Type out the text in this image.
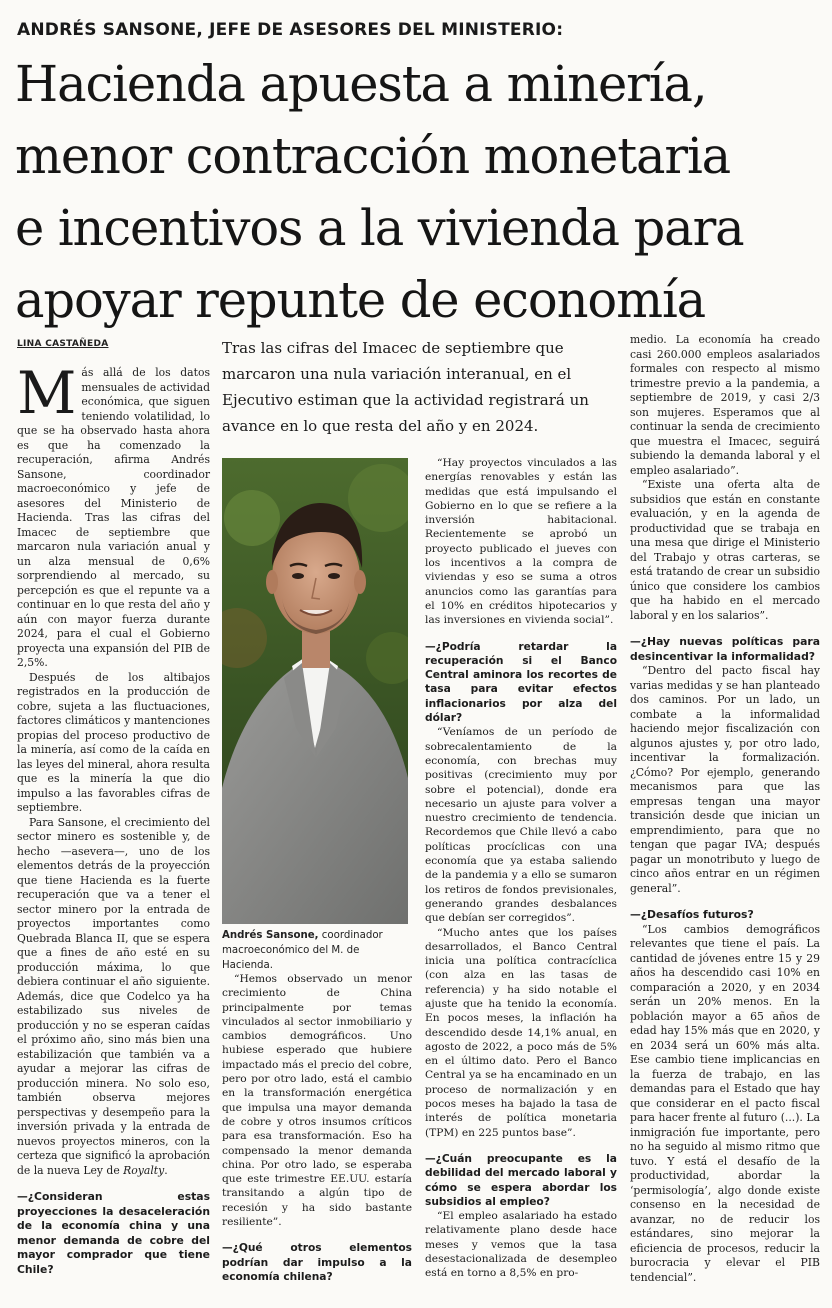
ANDRÉS SANSONE, JEFE DE ASESORES DEL MINISTERIO:
Hacienda apuesta a minería,
menor contracción monetaria
e incentivos a la vivienda para
apoyar repunte de economía
LINA CASTAÑEDA	Tras las cifras del Imacec de septiembre que marcaron una nula variación interanual, en el Ejecutivo estiman que la actividad registrará un avance en lo que resta del año y en 2024.

Más allá de los datos mensuales de actividad económica, que siguen teniendo volatilidad, lo que se ha observado hasta ahora es que ha comenzado la recuperación, afirma Andrés Sansone, coordinador macroeconómico y jefe de asesores del Ministerio de Hacienda. Tras las cifras del Imacec de septiembre que marcaron nula variación anual y un alza mensual de 0,6% sorprendiendo al mercado, su percepción es que el repunte va a continuar en lo que resta del año y aún con mayor fuerza durante 2024, para el cual el Gobierno proyecta una expansión del PIB de 2,5%.

Después de los altibajos registrados en la producción de cobre, sujeta a las fluctuaciones, factores climáticos y mantenciones propias del proceso productivo de la minería, así como de la caída en las leyes del mineral, ahora resulta que es la minería la que dio impulso a las favorables cifras de septiembre.

Para Sansone, el crecimiento del sector minero es sostenible y, de hecho —asevera—, uno de los elementos detrás de la proyección que tiene Hacienda es la fuerte recuperación que va a tener el sector minero por la entrada de proyectos importantes como Quebrada Blanca II, que se espera que a fines de año esté en su producción máxima, lo que debiera continuar el año siguiente. Además, dice que Codelco ya ha estabilizado sus niveles de producción y no se esperan caídas el próximo año, sino más bien una estabilización que también va a ayudar a mejorar las cifras de producción minera. No solo eso, también observa mejores perspectivas y desempeño para la inversión privada y la entrada de nuevos proyectos mineros, con la certeza que significó la aprobación de la nueva Ley de Royalty.

—¿Consideran estas proyecciones la desaceleración de la economía china y una menor demanda de cobre del mayor comprador que tiene Chile?

Andrés Sansone, coordinador macroeconómico del M. de Hacienda.

“Hemos observado un menor crecimiento de China principalmente por temas vinculados al sector inmobiliario y cambios demográficos. Uno hubiese esperado que hubiere impactado más el precio del cobre, pero por otro lado, está el cambio en la transformación energética que impulsa una mayor demanda de cobre y otros insumos críticos para esa transformación. Eso ha compensado la menor demanda china. Por otro lado, se esperaba que este trimestre EE.UU. estaría transitando a algún tipo de recesión y ha sido bastante resiliente”.

—¿Qué otros elementos podrían dar impulso a la economía chilena?

“Hay proyectos vinculados a las energías renovables y están las medidas que está impulsando el Gobierno en lo que se refiere a la inversión habitacional. Recientemente se aprobó un proyecto publicado el jueves con los incentivos a la compra de viviendas y eso se suma a otros anuncios como las garantías para el 10% en créditos hipotecarios y las inversiones en vivienda social”.

—¿Podría retardar la recuperación si el Banco Central aminora los recortes de tasa para evitar efectos inflacionarios por alza del dólar?

“Veníamos de un período de sobrecalentamiento de la economía, con brechas muy positivas (crecimiento muy por sobre el potencial), donde era necesario un ajuste para volver a nuestro crecimiento de tendencia. Recordemos que Chile llevó a cabo políticas procíclicas con una economía que ya estaba saliendo de la pandemia y a ello se sumaron los retiros de fondos previsionales, generando grandes desbalances que debían ser corregidos”.

“Mucho antes que los países desarrollados, el Banco Central inicia una política contracíclica (con alza en las tasas de referencia) y ha sido notable el ajuste que ha tenido la economía. En pocos meses, la inflación ha descendido desde 14,1% anual, en agosto de 2022, a poco más de 5% en el último dato. Pero el Banco Central ya se ha encaminado en un proceso de normalización y en pocos meses ha bajado la tasa de interés de política monetaria (TPM) en 225 puntos base”.

—¿Cuán preocupante es la debilidad del mercado laboral y cómo se espera abordar los subsidios al empleo?

“El empleo asalariado ha estado relativamente plano desde hace meses y vemos que la tasa desestacionalizada de desempleo está en torno a 8,5% en pro-

medio. La economía ha creado casi 260.000 empleos asalariados formales con respecto al mismo trimestre previo a la pandemia, a septiembre de 2019, y casi 2/3 son mujeres. Esperamos que al continuar la senda de crecimiento que muestra el Imacec, seguirá subiendo la demanda laboral y el empleo asalariado”.

“Existe una oferta alta de subsidios que están en constante evaluación, y en la agenda de productividad que se trabaja en una mesa que dirige el Ministerio del Trabajo y otras carteras, se está tratando de crear un subsidio único que considere los cambios que ha habido en el mercado laboral y en los salarios”.

—¿Hay nuevas políticas para desincentivar la informalidad?

“Dentro del pacto fiscal hay varias medidas y se han planteado dos caminos. Por un lado, un combate a la informalidad haciendo mejor fiscalización con algunos ajustes y, por otro lado, incentivar la formalización. ¿Cómo? Por ejemplo, generando mecanismos para que las empresas tengan una mayor transición desde que inician un emprendimiento, para que no tengan que pagar IVA; después pagar un monotributo y luego de cinco años entrar en un régimen general”.

—¿Desafíos futuros?

“Los cambios demográficos relevantes que tiene el país. La cantidad de jóvenes entre 15 y 29 años ha descendido casi 10% en comparación a 2020, y en 2034 serán un 20% menos. En la población mayor a 65 años de edad hay 15% más que en 2020, y en 2034 será un 60% más alta. Ese cambio tiene implicancias en la fuerza de trabajo, en las demandas para el Estado que hay que considerar en el pacto fiscal para hacer frente al futuro (...). La inmigración fue importante, pero no ha seguido al mismo ritmo que tuvo. Y está el desafío de la productividad, abordar la ‘permisología’, algo donde existe consenso en la necesidad de avanzar, no de reducir los estándares, sino mejorar la eficiencia de procesos, reducir la burocracia y elevar el PIB tendencial”.
